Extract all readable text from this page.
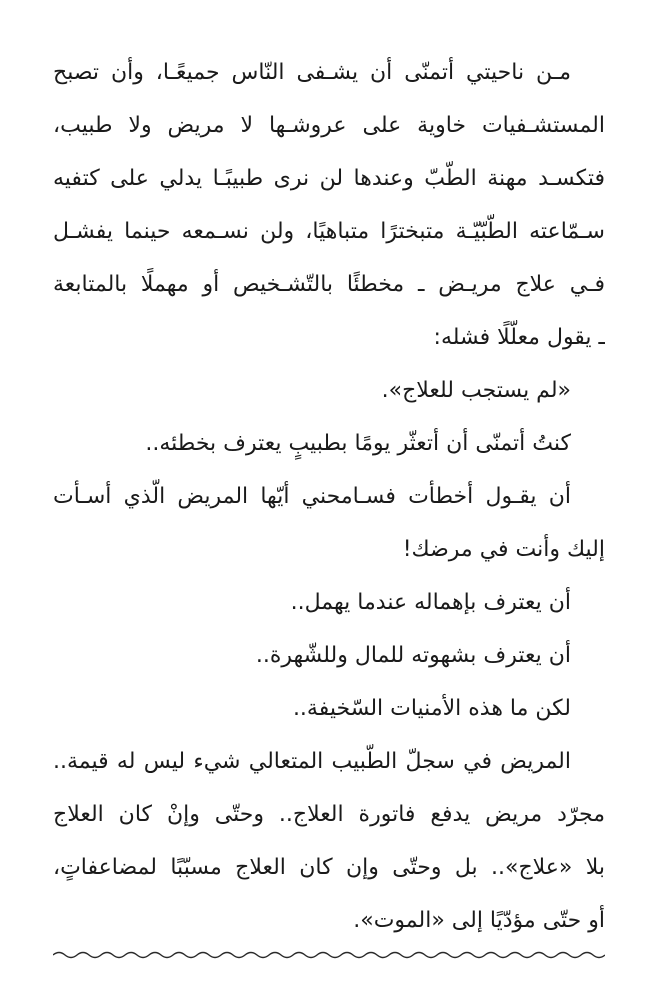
مـن ناحيتي أتمنّى أن يشـفى النّاس جميعًـا، وأن تصبح
المستشـفيات خاوية على عروشـها لا مريض ولا طبيب،
فتكسـد مهنة الطّبّ وعندها لن نرى طبيبًـا يدلي على كتفيه
سـمّاعته الطّبّيّـة متبخترًا متباهيًا، ولن نسـمعه حينما يفشـل
فـي علاج مريـض ـ مخطئًا بالتّشـخيص أو مهملًا بالمتابعة
ـ يقول معلّلًا فشله:
«لم يستجب للعلاج».
كنتُ أتمنّى أن أتعثّر يومًا بطبيبٍ يعترف بخطئه..
أن يقـول أخطأت فسـامحني أيّها المريض الّذي أسـأت
إليك وأنت في مرضك!
أن يعترف بإهماله عندما يهمل..
أن يعترف بشهوته للمال وللشّهرة..
لكن ما هذه الأمنيات السّخيفة..
المريض في سجلّ الطّبيب المتعالي شيء ليس له قيمة..
مجرّد مريض يدفع فاتورة العلاج.. وحتّى وإنْ كان العلاج
بلا «علاج».. بل وحتّى وإن كان العلاج مسبّبًا لمضاعفاتٍ،
أو حتّى مؤدّيًا إلى «الموت».
